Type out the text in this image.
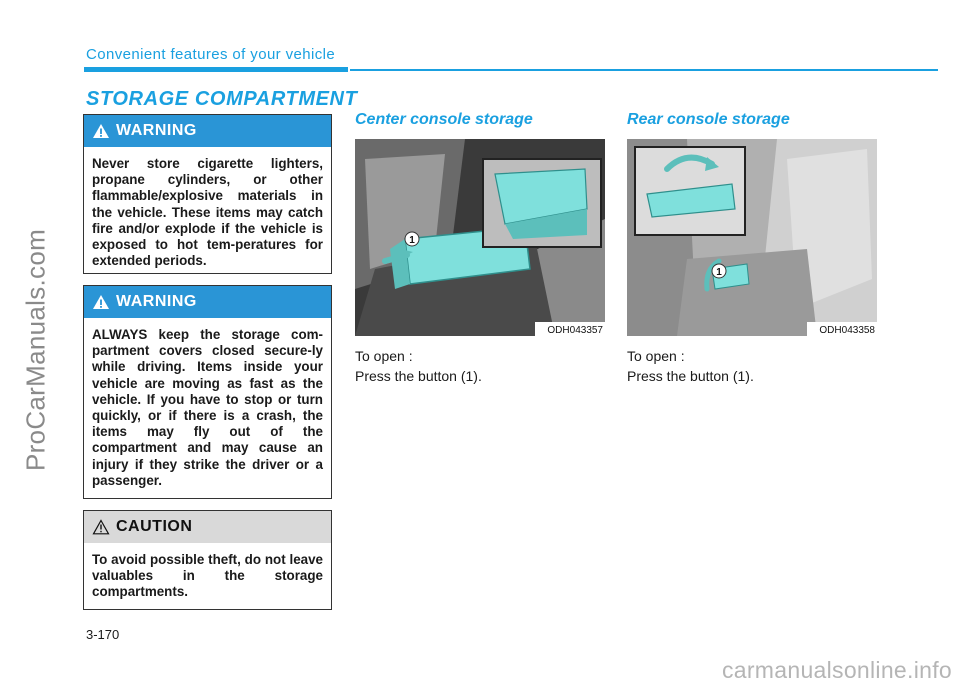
ProCarManuals.com
Convenient features of your vehicle
STORAGE COMPARTMENT
WARNING
Never store cigarette lighters, propane cylinders, or other flammable/explosive materials in the vehicle. These items may catch fire and/or explode if the vehicle is exposed to hot tem-peratures for extended periods.
WARNING
ALWAYS keep the storage com-partment covers closed secure-ly while driving. Items inside your vehicle are moving as fast as the vehicle. If you have to stop or turn quickly, or if there is a crash, the items may fly out of the compartment and may cause an injury if they strike the driver or a passenger.
CAUTION
To avoid possible theft, do not leave valuables in the storage compartments.
Center console storage
1
ODH043357
To open :
Press the button (1).
Rear console storage
1
ODH043358
To open :
Press the button (1).
3-170
carmanualsonline.info
